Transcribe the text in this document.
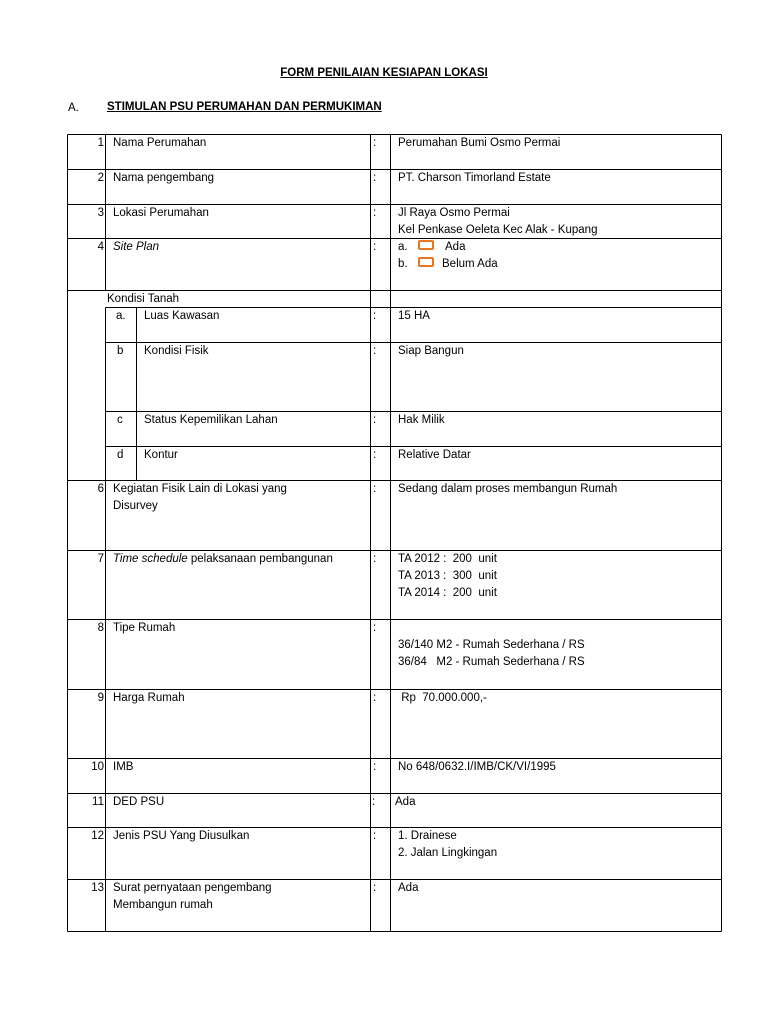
FORM PENILAIAN KESIAPAN LOKASI
A. STIMULAN PSU PERUMAHAN DAN PERMUKIMAN
1 Nama Perumahan	: Perumahan Bumi Osmo Permai
2 Nama pengembang	: PT. Charson Timorland Estate
3 Lokasi Perumahan	: Jl Raya Osmo Permai
Kel Penkase Oeleta Kec Alak - Kupang
4 Site Plan	: a.	Ada
b.	Belum Ada
Kondisi Tanah
a. Luas Kawasan	: 15 HA
b Kondisi Fisik	: Siap Bangun
c Status Kepemilikan Lahan	: Hak Milik
d Kontur	: Relative Datar
6 Kegiatan Fisik Lain di Lokasi yang
Disurvey
: Sedang dalam proses membangun Rumah
7 Time schedule pelaksanaan pembangunan	: TA 2012 :  200  unit
TA 2013 :  300  unit
TA 2014 :  200  unit
8 Tipe Rumah	:
36/140 M2 - Rumah Sederhana / RS
36/84   M2 - Rumah Sederhana / RS
9 Harga Rumah	: Rp  70.000.000,-
10 IMB	: No 648/0632.I/IMB/CK/VI/1995
11 DED PSU	: Ada
12 Jenis PSU Yang Diusulkan	: 1. Drainese
2. Jalan Lingkingan
13 Surat pernyataan pengembang
Membangun rumah
: Ada
